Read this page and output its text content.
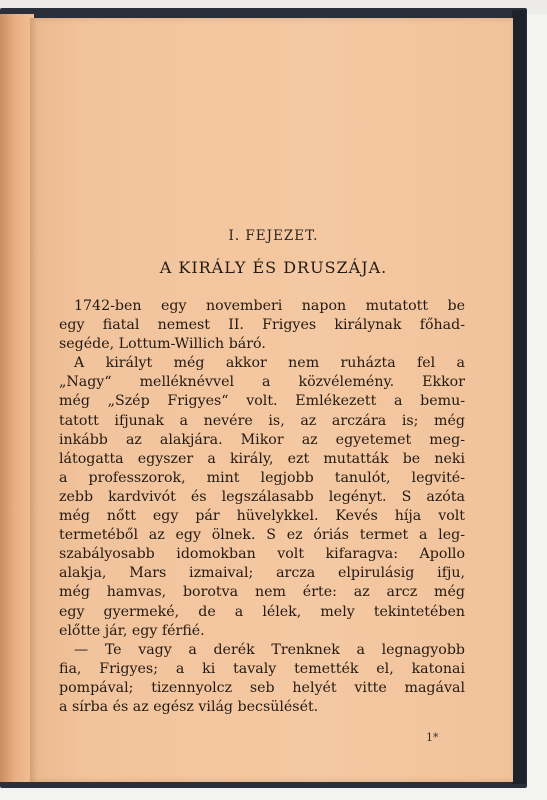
I. FEJEZET.
A KIRÁLY ÉS DRUSZÁJA.
1742-ben egy novemberi napon mutatott be
egy fiatal nemest II. Frigyes királynak főhad-
segéde, Lottum-Willich báró.
A királyt még akkor nem ruházta fel a
„Nagy“ melléknévvel a közvélemény. Ekkor
még „Szép Frigyes“ volt. Emlékezett a bemu-
tatott ifjunak a nevére is, az arczára is; még
inkább az alakjára. Mikor az egyetemet meg-
látogatta egyszer a király, ezt mutatták be neki
a professzorok, mint legjobb tanulót, legvité-
zebb kardvivót és legszálasabb legényt. S azóta
még nőtt egy pár hüvelykkel. Kevés híja volt
termetéből az egy ölnek. S ez óriás termet a leg-
szabályosabb idomokban volt kifaragva: Apollo
alakja, Mars izmaival; arcza elpirulásig ifju,
még hamvas, borotva nem érte: az arcz még
egy gyermeké, de a lélek, mely tekintetében
előtte jár, egy férfié.
— Te vagy a derék Trenknek a legnagyobb
fia, Frigyes; a ki tavaly temették el, katonai
pompával; tizennyolcz seb helyét vitte magával
a sírba és az egész világ becsülését.
1*
